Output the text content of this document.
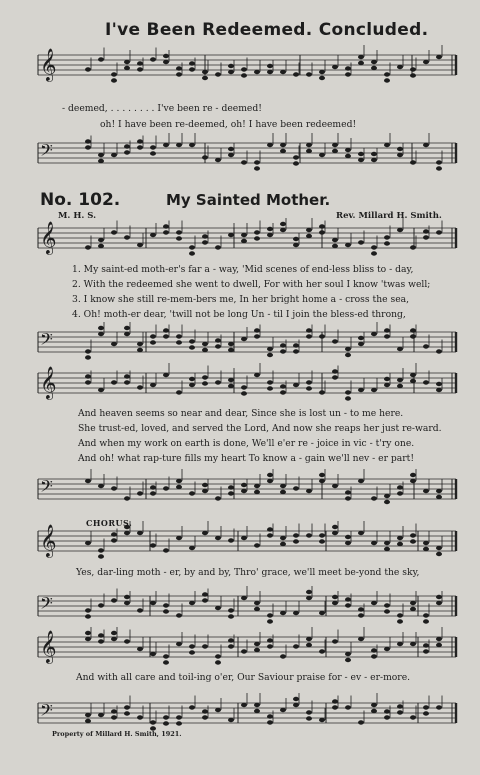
I've Been Redeemed. Concluded.
𝄞
𝄢
𝄞
𝄢
𝄞
𝄢
𝄞
𝄢
𝄞
𝄢
- deemed, . . . . . . . . I've been re - deemed!
oh! I have been re-deemed, oh! I have been redeemed!
No. 102.	My Sainted Mother.
M. H. S.	Rev. Millard H. Smith.
1. My saint-ed moth-er's far a - way, 'Mid scenes of end-less bliss to - day,
2. With the redeemed she went to dwell, For with her soul I know 'twas well;
3. I know she still re-mem-bers me, In her bright home a - cross the sea,
4. Oh! moth-er dear, 'twill not be long Un - til I join the bless-ed throng,
And heaven seems so near and dear, Since she is lost un - to me here.
She trust-ed, loved, and served the Lord, And now she reaps her just re-ward.
And when my work on earth is done, We'll e'er re - joice in vic - t'ry one.
And oh! what rap-ture fills my heart To know a - gain we'll nev - er part!
CHORUS.
Yes, dar-ling moth - er, by and by, Thro' grace, we'll meet be-yond the sky,
And with all care and toil-ing o'er, Our Saviour praise for - ev - er-more.
Property of Millard H. Smith, 1921.
